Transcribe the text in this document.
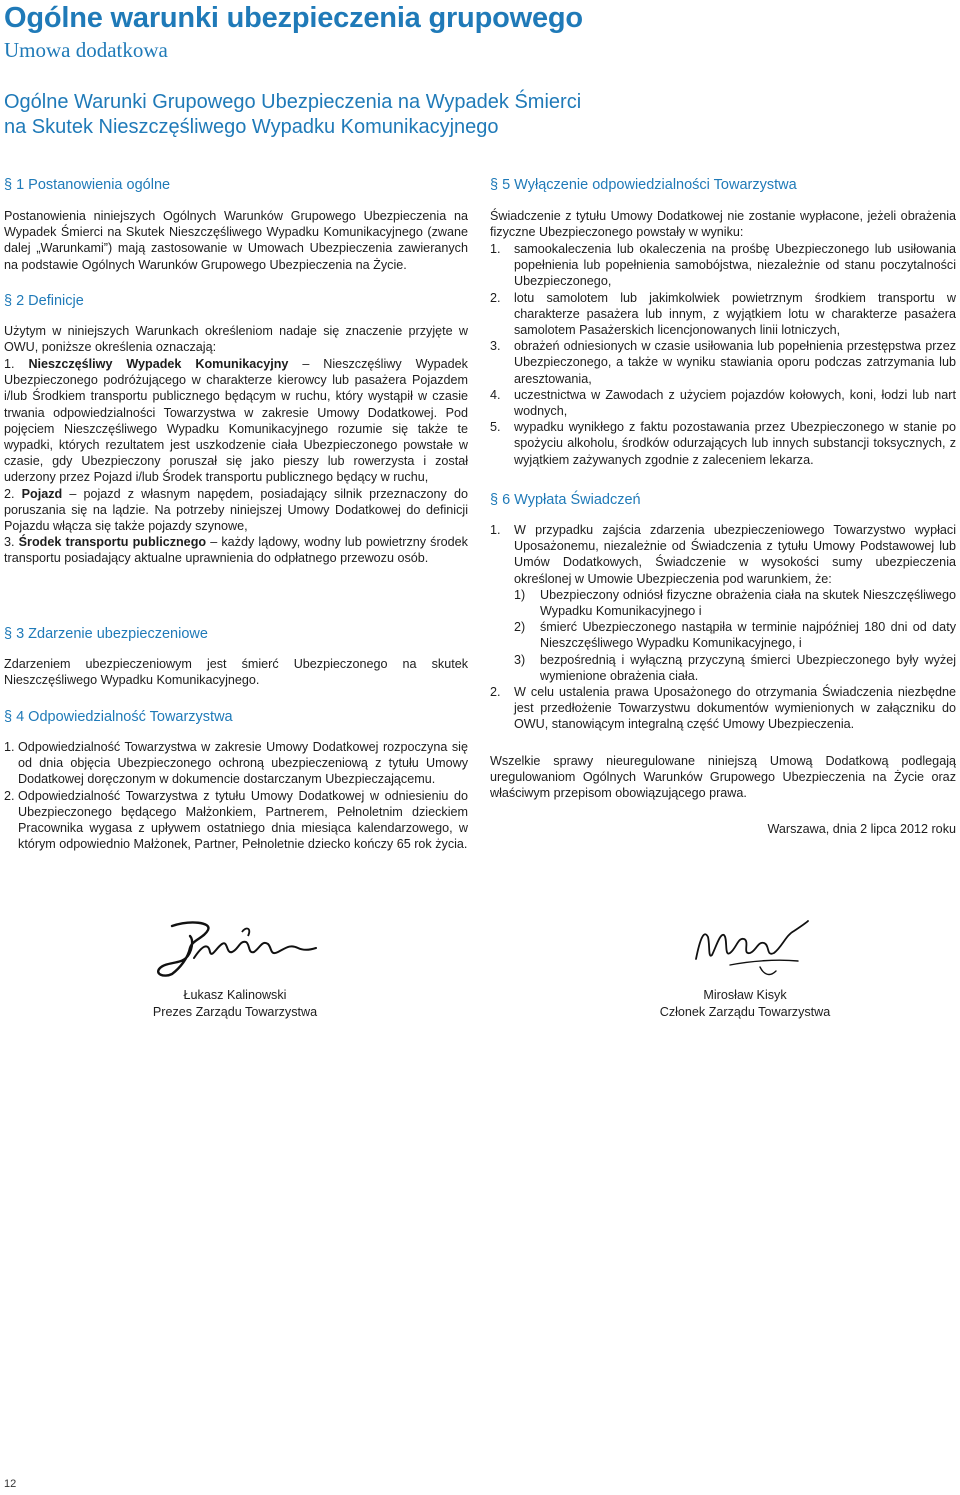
Ogólne warunki ubezpieczenia grupowego
Umowa dodatkowa
Ogólne Warunki Grupowego Ubezpieczenia na Wypadek Śmierci
na Skutek Nieszczęśliwego Wypadku Komunikacyjnego
§ 1 Postanowienia ogólne
Postanowienia niniejszych Ogólnych Warunków Grupowego Ubezpieczenia na Wypadek Śmierci na Skutek Nieszczęśliwego Wypadku Komunikacyjnego (zwane dalej „Warunkami”) mają zastosowanie w Umowach Ubezpieczenia zawieranych na podstawie Ogólnych Warunków Grupowego Ubezpieczenia na Życie.
§ 2 Definicje
Użytym w niniejszych Warunkach określeniom nadaje się znaczenie przyjęte w OWU, poniższe określenia oznaczają:
1. Nieszczęśliwy Wypadek Komunikacyjny – Nieszczęśliwy Wypadek Ubezpieczonego podróżującego w charakterze kierowcy lub pasażera Pojazdem i/lub Środkiem transportu publicznego będącym w ruchu, który wystąpił w czasie trwania odpowiedzialności Towarzystwa w zakresie Umowy Dodatkowej. Pod pojęciem Nieszczęśliwego Wypadku Komunikacyjnego rozumie się także te wypadki, których rezultatem jest uszkodzenie ciała Ubezpieczonego powstałe w czasie, gdy Ubezpieczony poruszał się jako pieszy lub rowerzysta i został uderzony przez Pojazd i/lub Środek transportu publicznego będący w ruchu,
2. Pojazd – pojazd z własnym napędem, posiadający silnik przeznaczony do poruszania się na lądzie. Na potrzeby niniejszej Umowy Dodatkowej do definicji Pojazdu włącza się także pojazdy szynowe,
3. Środek transportu publicznego – każdy lądowy, wodny lub powietrzny środek transportu posiadający aktualne uprawnienia do odpłatnego przewozu osób.
§ 3 Zdarzenie ubezpieczeniowe
Zdarzeniem ubezpieczeniowym jest śmierć Ubezpieczonego na skutek Nieszczęśliwego Wypadku Komunikacyjnego.
§ 4 Odpowiedzialność Towarzystwa
1. Odpowiedzialność Towarzystwa w zakresie Umowy Dodatkowej rozpoczyna się od dnia objęcia Ubezpieczonego ochroną ubezpieczeniową z tytułu Umowy Dodatkowej doręczonym w dokumencie dostarczanym Ubezpieczającemu.
2. Odpowiedzialność Towarzystwa z tytułu Umowy Dodatkowej w odniesieniu do Ubezpieczonego będącego Małżonkiem, Partnerem, Pełnoletnim dzieckiem Pracownika wygasa z upływem ostatniego dnia miesiąca kalendarzowego, w którym odpowiednio Małżonek, Partner, Pełnoletnie dziecko kończy 65 rok życia.
§ 5 Wyłączenie odpowiedzialności Towarzystwa
Świadczenie z tytułu Umowy Dodatkowej nie zostanie wypłacone, jeżeli obrażenia fizyczne Ubezpieczonego powstały w wyniku:
1. samookaleczenia lub okaleczenia na prośbę Ubezpieczonego lub usiłowania popełnienia lub popełnienia samobójstwa, niezależnie od stanu poczytalności Ubezpieczonego,
2. lotu samolotem lub jakimkolwiek powietrznym środkiem transportu w charakterze pasażera lub innym, z wyjątkiem lotu w charakterze pasażera samolotem Pasażerskich licencjonowanych linii lotniczych,
3. obrażeń odniesionych w czasie usiłowania lub popełnienia przestępstwa przez Ubezpieczonego, a także w wyniku stawiania oporu podczas zatrzymania lub aresztowania,
4. uczestnictwa w Zawodach z użyciem pojazdów kołowych, koni, łodzi lub nart wodnych,
5. wypadku wynikłego z faktu pozostawania przez Ubezpieczonego w stanie po spożyciu alkoholu, środków odurzających lub innych substancji toksycznych, z wyjątkiem zażywanych zgodnie z zaleceniem lekarza.
§ 6 Wypłata Świadczeń
1. W przypadku zajścia zdarzenia ubezpieczeniowego Towarzystwo wypłaci Uposażonemu, niezależnie od Świadczenia z tytułu Umowy Podstawowej lub Umów Dodatkowych, Świadczenie w wysokości sumy ubezpieczenia określonej w Umowie Ubezpieczenia pod warunkiem, że:
1)	Ubezpieczony odniósł fizyczne obrażenia ciała na skutek Nieszczęśliwego Wypadku Komunikacyjnego i
2)	śmierć Ubezpieczonego nastąpiła w terminie najpóźniej 180 dni od daty Nieszczęśliwego Wypadku Komunikacyjnego, i
3)	bezpośrednią i wyłączną przyczyną śmierci Ubezpieczonego były wyżej wymienione obrażenia ciała.
2. W celu ustalenia prawa Uposażonego do otrzymania Świadczenia niezbędne jest przedłożenie Towarzystwu dokumentów wymienionych w załączniku do OWU, stanowiącym integralną część Umowy Ubezpieczenia.
Wszelkie sprawy nieuregulowane niniejszą Umową Dodatkową podlegają uregulowaniom Ogólnych Warunków Grupowego Ubezpieczenia na Życie oraz właściwym przepisom obowiązującego prawa.
Warszawa, dnia 2 lipca 2012 roku
Łukasz Kalinowski
Prezes Zarządu Towarzystwa
Mirosław Kisyk
Członek Zarządu Towarzystwa
12
